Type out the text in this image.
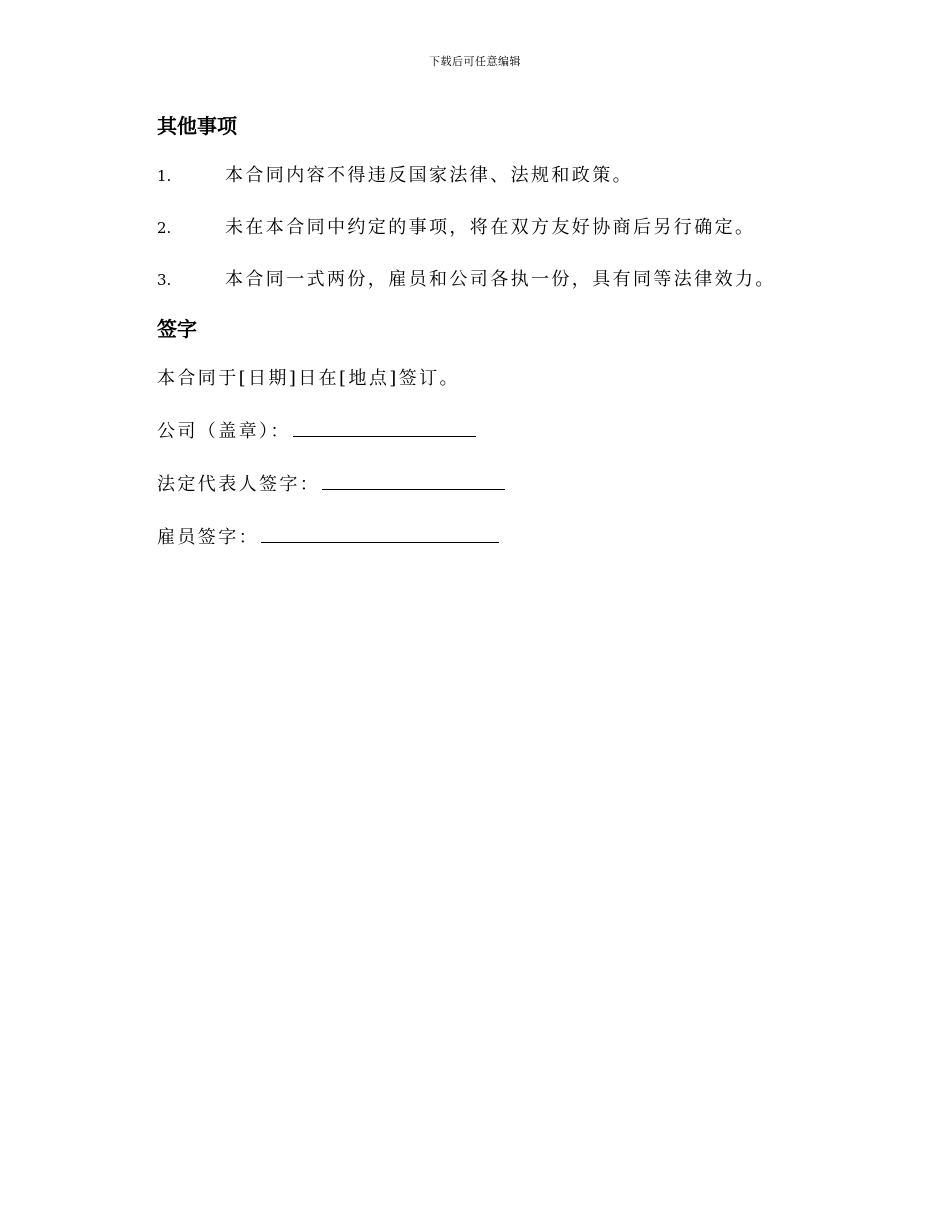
下载后可任意编辑
其他事项
1.	本合同内容不得违反国家法律、法规和政策。
2.	未在本合同中约定的事项，将在双方友好协商后另行确定。
3.	本合同一式两份，雇员和公司各执一份，具有同等法律效力。
签字

本合同于[日期]日在[地点]签订。

公司（盖章）：

法定代表人签字：

雇员签字：
